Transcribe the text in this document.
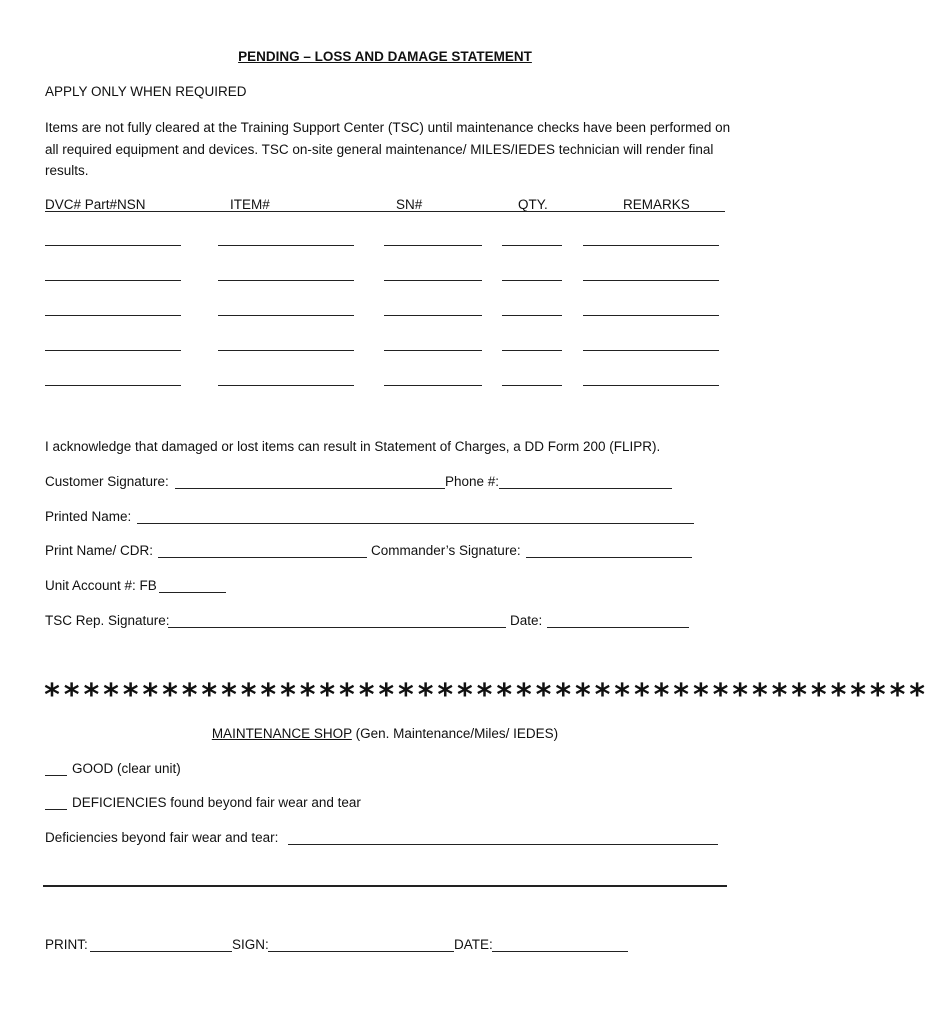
PENDING – LOSS AND DAMAGE STATEMENT
APPLY ONLY WHEN REQUIRED
Items are not fully cleared at the Training Support Center (TSC) until maintenance checks have been performed on all required equipment and devices. TSC on-site general maintenance/ MILES/IEDES technician will render final results.
DVC# Part#NSN	ITEM#	SN#	QTY.	REMARKS
I acknowledge that damaged or lost items can result in Statement of Charges, a DD Form 200 (FLIPR).
Customer Signature:	Phone #:
Printed Name:
Print Name/ CDR:	Commander’s Signature:
Unit Account #: FB
TSC Rep. Signature:	Date:
*********************************************
MAINTENANCE SHOP (Gen. Maintenance/Miles/ IEDES)
GOOD (clear unit)
DEFICIENCIES found beyond fair wear and tear
Deficiencies beyond fair wear and tear:
PRINT:	SIGN:	DATE:
